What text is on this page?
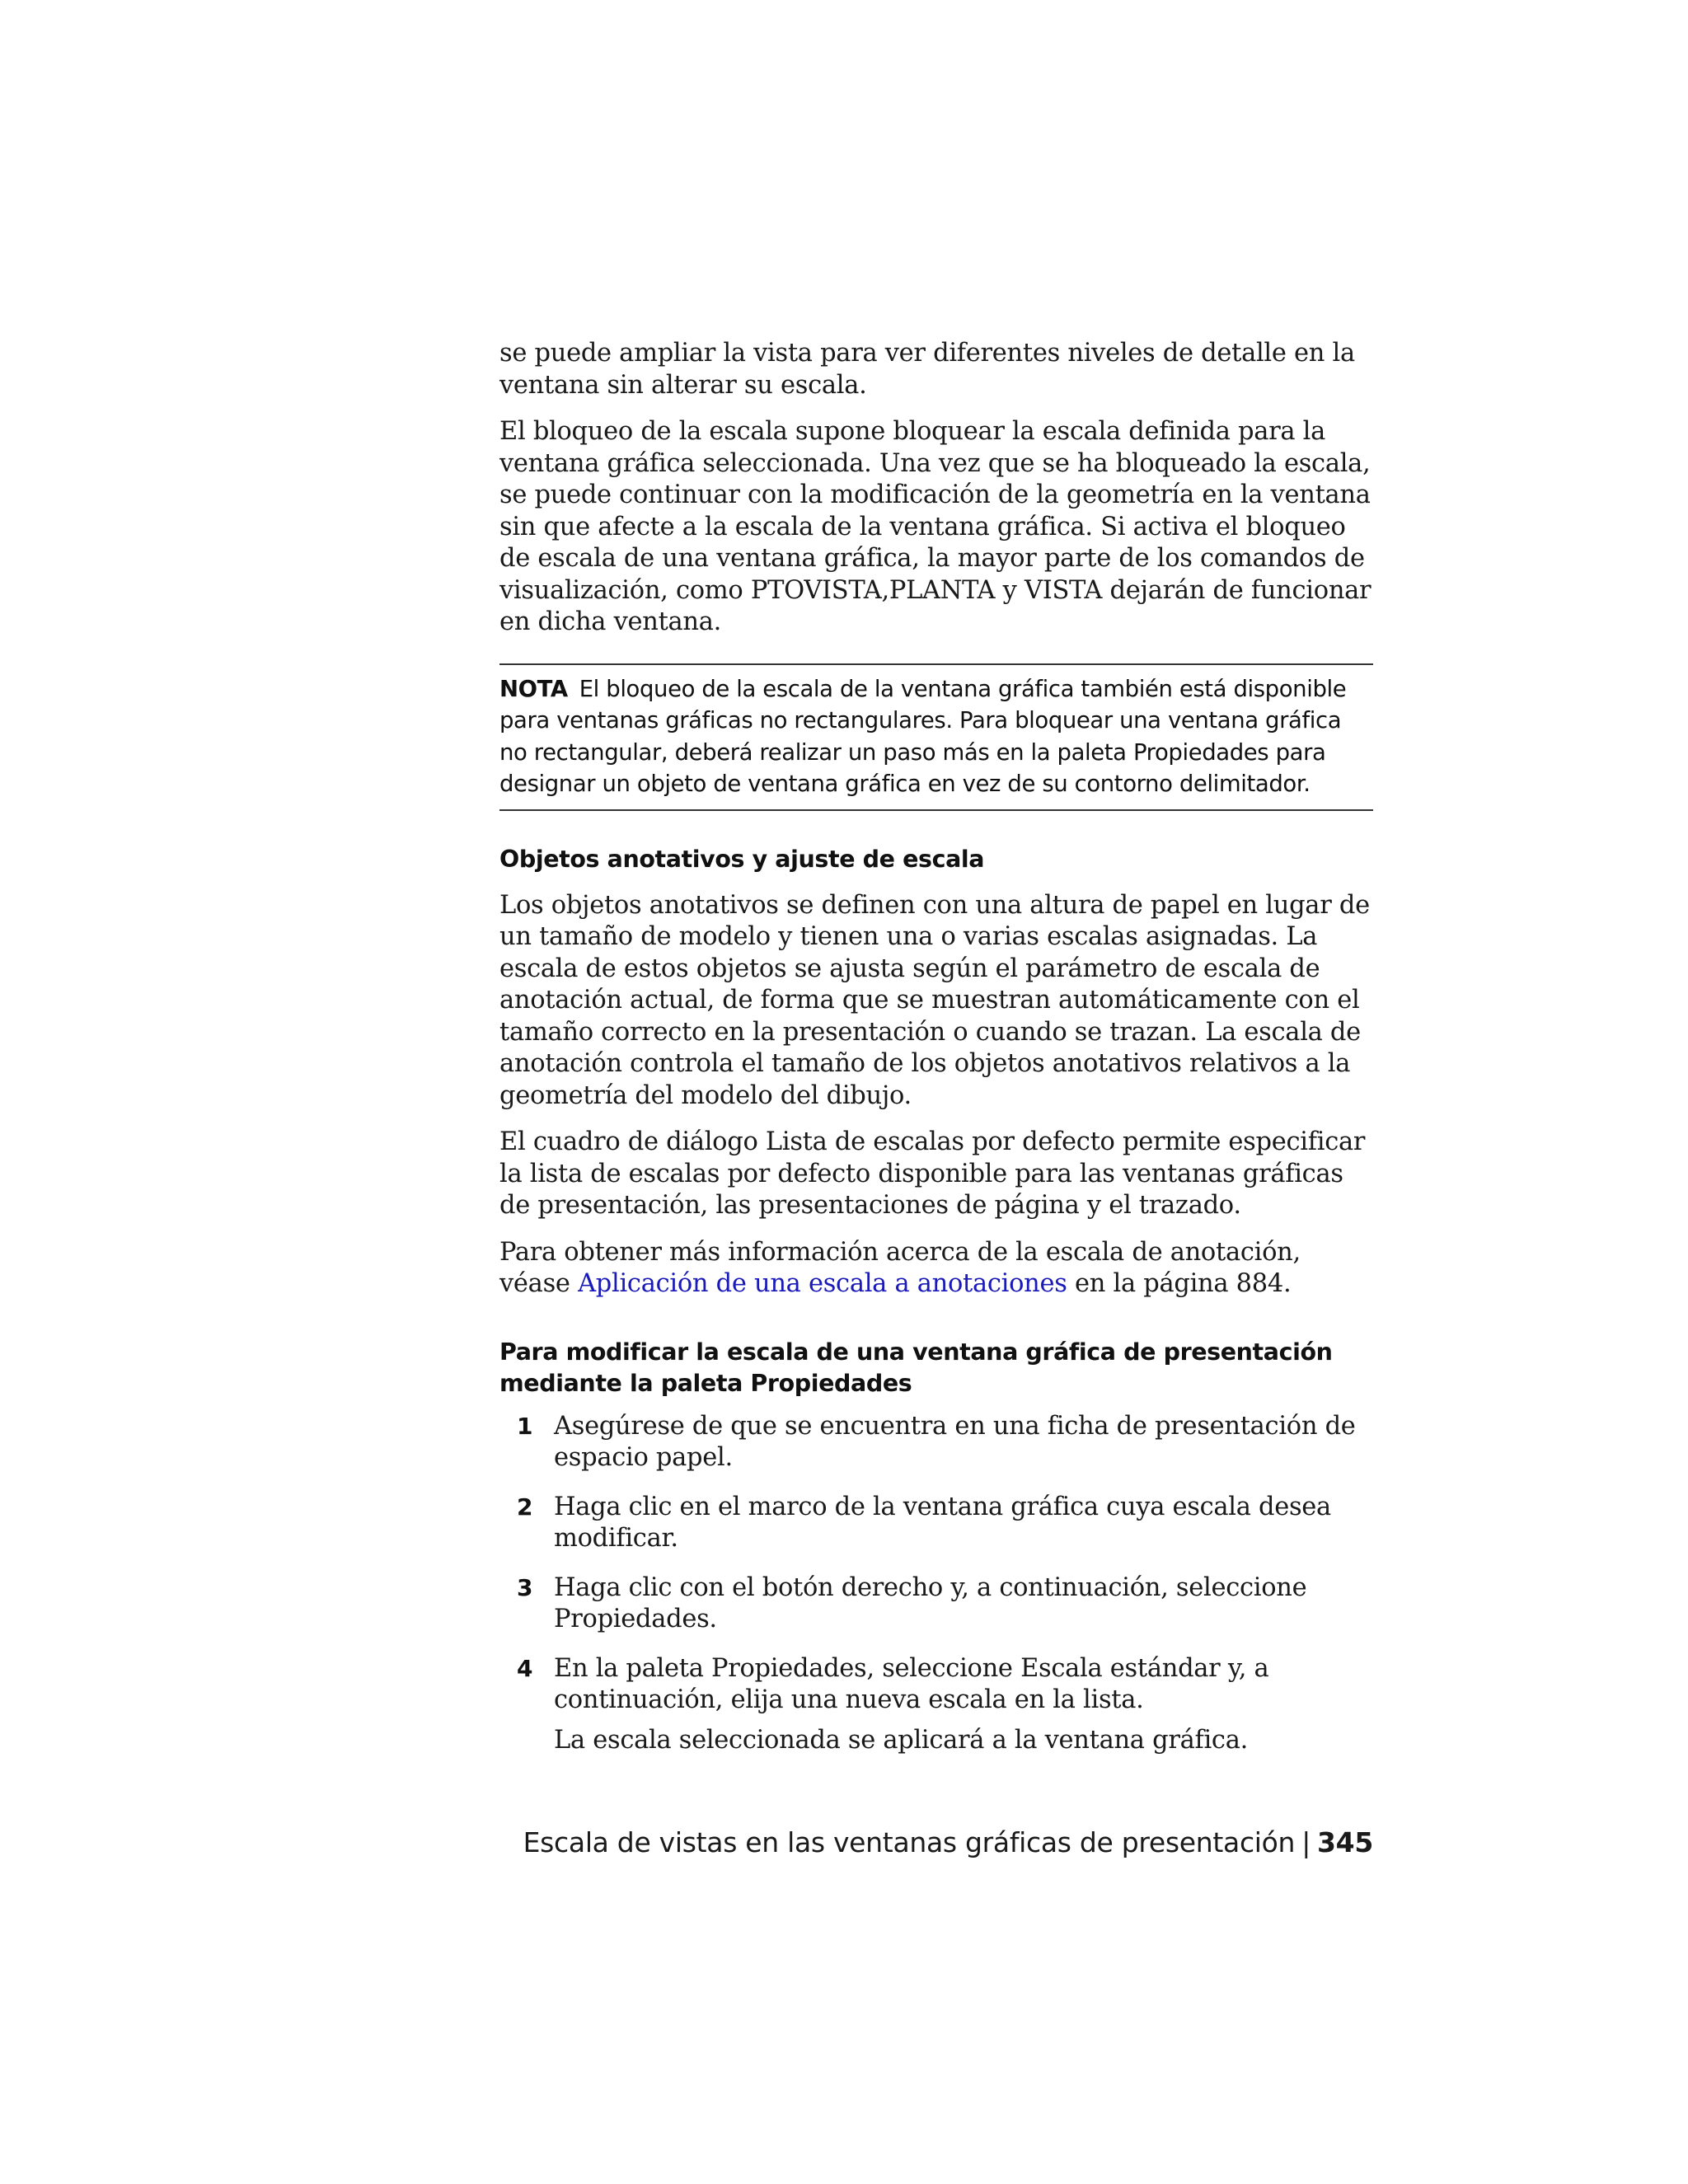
se puede ampliar la vista para ver diferentes niveles de detalle en la ventana sin alterar su escala.

El bloqueo de la escala supone bloquear la escala definida para la ventana gráfica seleccionada. Una vez que se ha bloqueado la escala, se puede continuar con la modificación de la geometría en la ventana sin que afecte a la escala de la ventana gráfica. Si activa el bloqueo de escala de una ventana gráfica, la mayor parte de los comandos de visualización, como PTOVISTA,PLANTA y VISTA dejarán de funcionar en dicha ventana.

NOTA El bloqueo de la escala de la ventana gráfica también está disponible para ventanas gráficas no rectangulares. Para bloquear una ventana gráfica no rectangular, deberá realizar un paso más en la paleta Propiedades para designar un objeto de ventana gráfica en vez de su contorno delimitador.
Objetos anotativos y ajuste de escala

Los objetos anotativos se definen con una altura de papel en lugar de un tamaño de modelo y tienen una o varias escalas asignadas. La escala de estos objetos se ajusta según el parámetro de escala de anotación actual, de forma que se muestran automáticamente con el tamaño correcto en la presentación o cuando se trazan. La escala de anotación controla el tamaño de los objetos anotativos relativos a la geometría del modelo del dibujo.

El cuadro de diálogo Lista de escalas por defecto permite especificar la lista de escalas por defecto disponible para las ventanas gráficas de presentación, las presentaciones de página y el trazado.

Para obtener más información acerca de la escala de anotación, véase Aplicación de una escala a anotaciones en la página 884.

Para modificar la escala de una ventana gráfica de presentación mediante la paleta Propiedades
1 Asegúrese de que se encuentra en una ficha de presentación de espacio papel.
2 Haga clic en el marco de la ventana gráfica cuya escala desea modificar.
3 Haga clic con el botón derecho y, a continuación, seleccione Propiedades.
4 En la paleta Propiedades, seleccione Escala estándar y, a continuación, elija una nueva escala en la lista.

La escala seleccionada se aplicará a la ventana gráfica.

Escala de vistas en las ventanas gráficas de presentación | 345
